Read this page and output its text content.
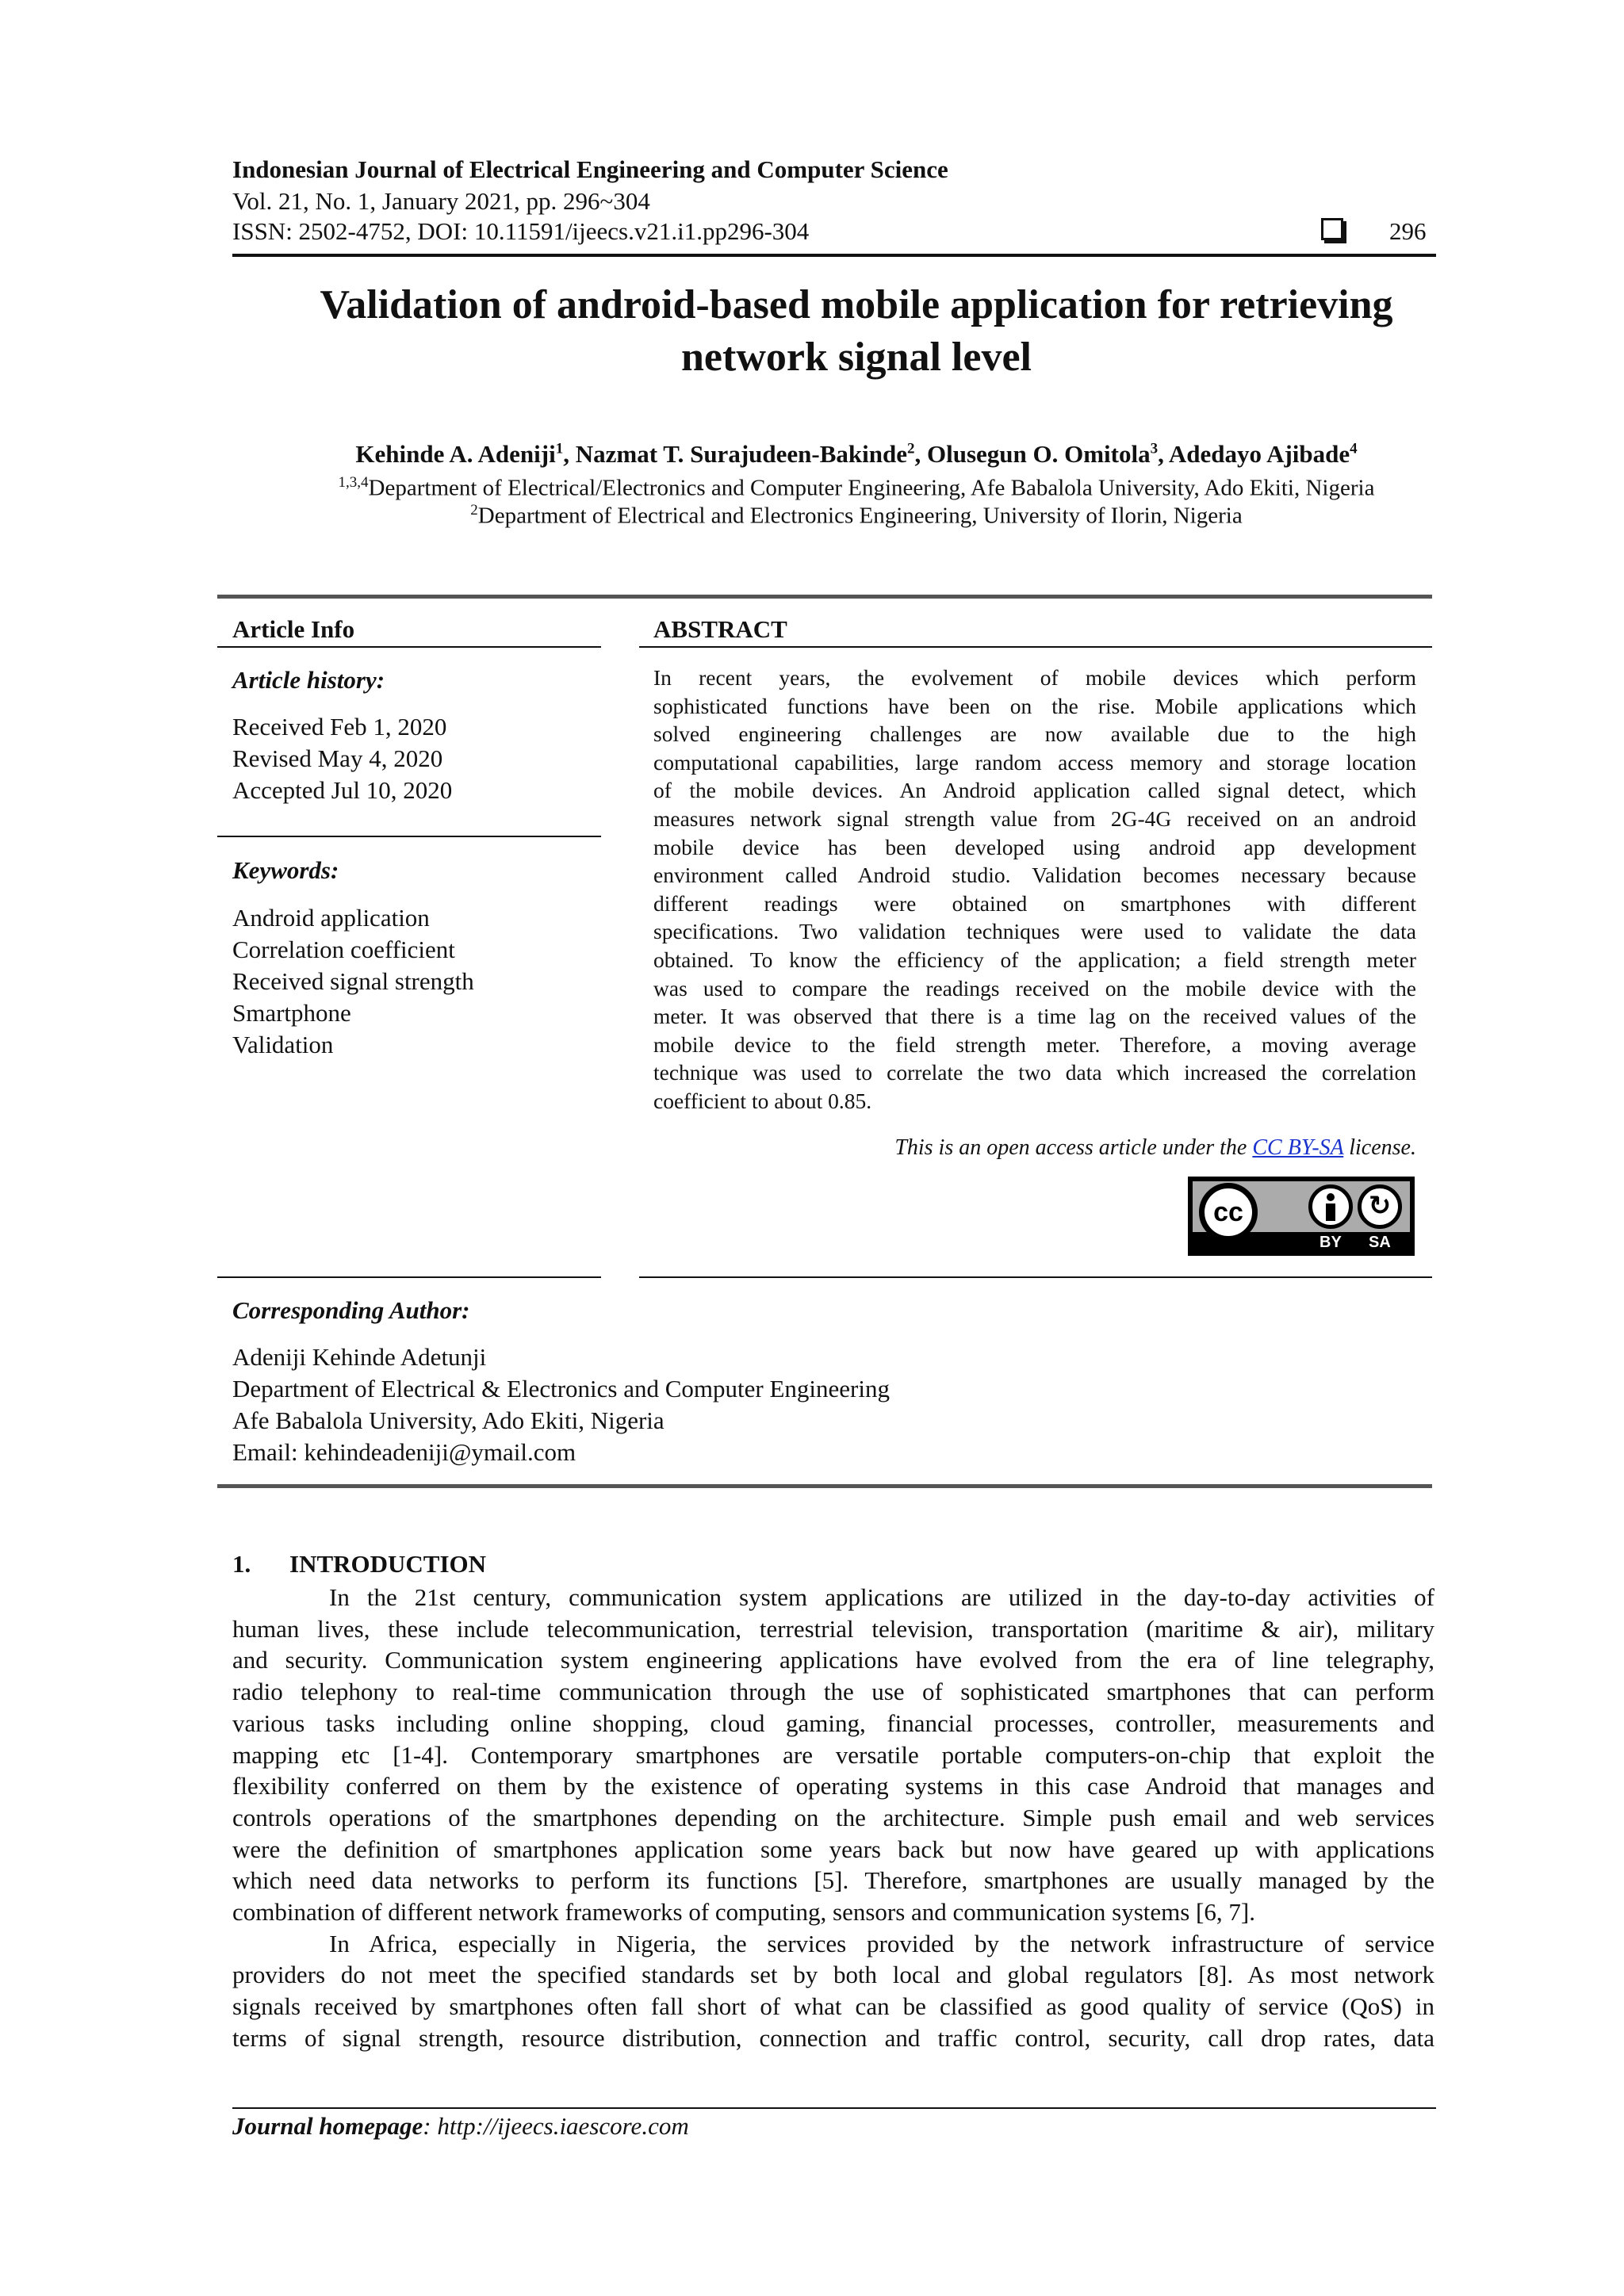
Indonesian Journal of Electrical Engineering and Computer Science
Vol. 21, No. 1, January 2021, pp. 296~304
ISSN: 2502-4752, DOI: 10.11591/ijeecs.v21.i1.pp296-304	296
Validation of android-based mobile application for retrieving
network signal level
Kehinde A. Adeniji$^1$, Nazmat T. Surajudeen-Bakinde$^2$, Olusegun O. Omitola$^3$, Adedayo Ajibade$^4$
$^{1,3,4}$Department of Electrical/Electronics and Computer Engineering, Afe Babalola University, Ado Ekiti, Nigeria
$^2$Department of Electrical and Electronics Engineering, University of Ilorin, Nigeria
Article Info
Article history:
Received Feb 1, 2020
Revised May 4, 2020
Accepted Jul 10, 2020
Keywords:
Android application
Correlation coefficient
Received signal strength
Smartphone
Validation
ABSTRACT
In recent years, the evolvement of mobile devices which perform
sophisticated functions have been on the rise. Mobile applications which
solved engineering challenges are now available due to the high
computational capabilities, large random access memory and storage location
of the mobile devices. An Android application called signal detect, which
measures network signal strength value from 2G-4G received on an android
mobile device has been developed using android app development
environment called Android studio. Validation becomes necessary because
different readings were obtained on smartphones with different
specifications. Two validation techniques were used to validate the data
obtained. To know the efficiency of the application; a field strength meter
was used to compare the readings received on the mobile device with the
meter. It was observed that there is a time lag on the received values of the
mobile device to the field strength meter. Therefore, a moving average
technique was used to correlate the two data which increased the correlation
coefficient to about 0.85.
This is an open access article under the CC BY-SA license.
cc	↻
BY SA
Corresponding Author:
Adeniji Kehinde Adetunji
Department of Electrical & Electronics and Computer Engineering
Afe Babalola University, Ado Ekiti, Nigeria
Email: kehindeadeniji@ymail.com
1. INTRODUCTION
In the 21st century, communication system applications are utilized in the day-to-day activities of
human lives, these include telecommunication, terrestrial television, transportation (maritime & air), military
and security. Communication system engineering applications have evolved from the era of line telegraphy,
radio telephony to real-time communication through the use of sophisticated smartphones that can perform
various tasks including online shopping, cloud gaming, financial processes, controller, measurements and
mapping etc [1-4]. Contemporary smartphones are versatile portable computers-on-chip that exploit the
flexibility conferred on them by the existence of operating systems in this case Android that manages and
controls operations of the smartphones depending on the architecture. Simple push email and web services
were the definition of smartphones application some years back but now have geared up with applications
which need data networks to perform its functions [5]. Therefore, smartphones are usually managed by the
combination of different network frameworks of computing, sensors and communication systems [6, 7].
In Africa, especially in Nigeria, the services provided by the network infrastructure of service
providers do not meet the specified standards set by both local and global regulators [8]. As most network
signals received by smartphones often fall short of what can be classified as good quality of service (QoS) in
terms of signal strength, resource distribution, connection and traffic control, security, call drop rates, data
Journal homepage: http://ijeecs.iaescore.com
